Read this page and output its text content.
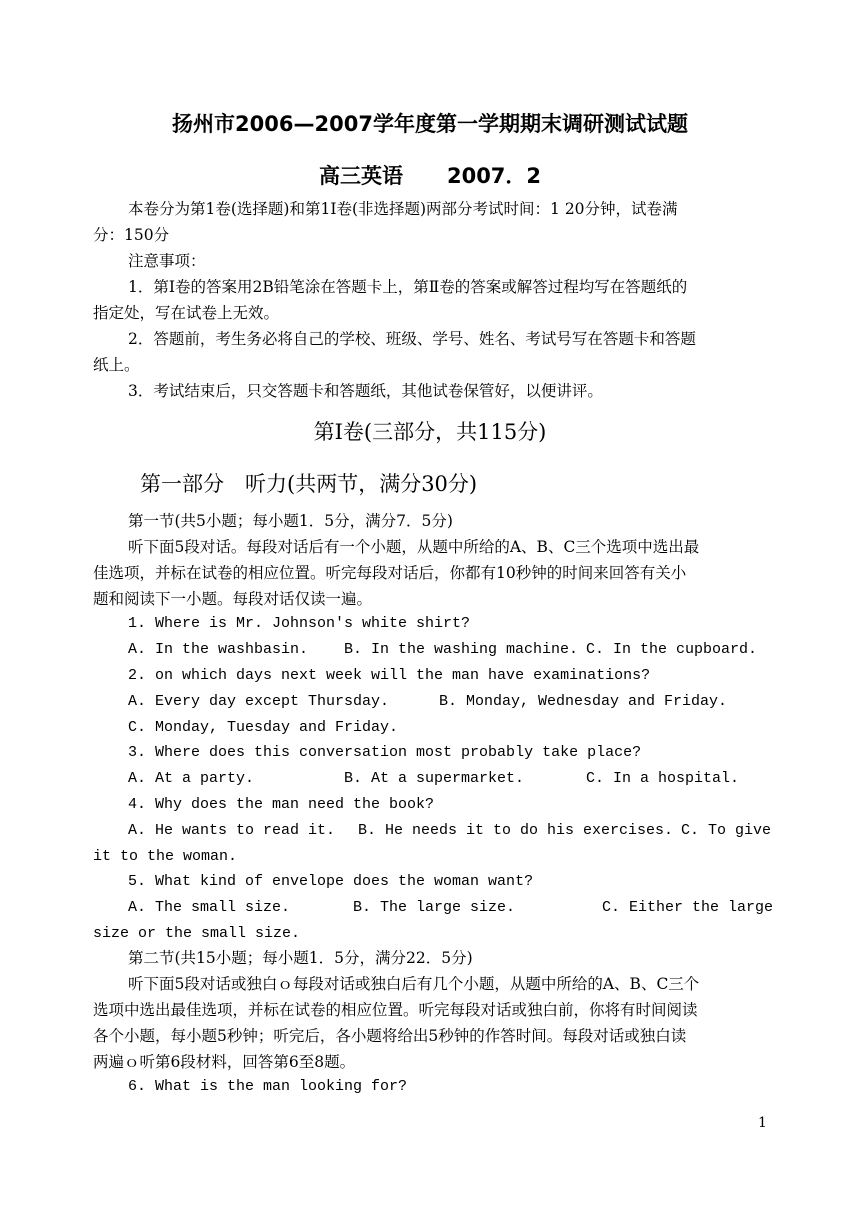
扬州市2006—2007学年度第一学期期末调研测试试题
高三英语 2007．2
本卷分为第1卷(选择题)和第1I卷(非选择题)两部分考试时间：1 20分钟，试卷满
分：150分
注意事项：
1．第Ⅰ卷的答案用2B铅笔涂在答题卡上，第Ⅱ卷的答案或解答过程均写在答题纸的
指定处，写在试卷上无效。
2．答题前，考生务必将自己的学校、班级、学号、姓名、考试号写在答题卡和答题
纸上。
3．考试结束后，只交答题卡和答题纸，其他试卷保管好，以便讲评。
第Ⅰ卷(三部分，共115分)
第一部分　听力(共两节，满分30分)
第一节(共5小题；每小题1．5分，满分7．5分)
听下面5段对话。每段对话后有一个小题，从题中所给的A、B、C三个选项中选出最
佳选项，并标在试卷的相应位置。听完每段对话后，你都有10秒钟的时间来回答有关小
题和阅读下一小题。每段对话仅读一遍。
1. Where is Mr. Johnson's white shirt?
A. In the washbasin. B. In the washing machine. C. In the cupboard.
2. on which days next week will the man have examinations?
A. Every day except Thursday.	B. Monday, Wednesday and Friday.
C. Monday, Tuesday and Friday.
3. Where does this conversation most probably take place?
A. At a party.	B. At a supermarket.	C. In a hospital.
4. Why does the man need the book?
A. He wants to read it. B. He needs it to do his exercises. C. To give
it to the woman.
5. What kind of envelope does the woman want?
A. The small size.	B. The large size.	C. Either the large
size or the small size.
第二节(共15小题；每小题1．5分，满分22．5分)
听下面5段对话或独白ｏ每段对话或独白后有几个小题，从题中所给的A、B、C三个
选项中选出最佳选项，并标在试卷的相应位置。听完每段对话或独白前，你将有时间阅读
各个小题，每小题5秒钟；听完后，各小题将给出5秒钟的作答时间。每段对话或独白读
两遍ｏ听第6段材料，回答第6至8题。
6. What is the man looking for?
1
